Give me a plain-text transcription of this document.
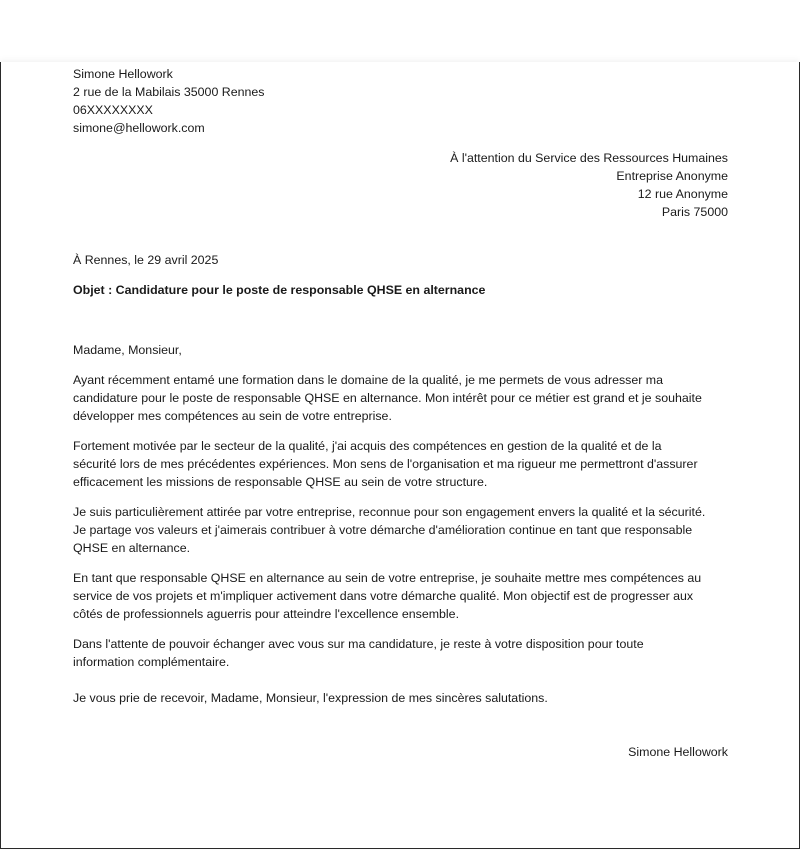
Simone Hellowork
2 rue de la Mabilais 35000 Rennes
06XXXXXXXX
simone@hellowork.com
À l'attention du Service des Ressources Humaines
Entreprise Anonyme
12 rue Anonyme
Paris 75000
À Rennes, le 29 avril 2025
Objet : Candidature pour le poste de responsable QHSE en alternance
Madame, Monsieur,
Ayant récemment entamé une formation dans le domaine de la qualité, je me permets de vous adresser ma
candidature pour le poste de responsable QHSE en alternance. Mon intérêt pour ce métier est grand et je souhaite
développer mes compétences au sein de votre entreprise.
Fortement motivée par le secteur de la qualité, j'ai acquis des compétences en gestion de la qualité et de la
sécurité lors de mes précédentes expériences. Mon sens de l'organisation et ma rigueur me permettront d'assurer
efficacement les missions de responsable QHSE au sein de votre structure.
Je suis particulièrement attirée par votre entreprise, reconnue pour son engagement envers la qualité et la sécurité.
Je partage vos valeurs et j'aimerais contribuer à votre démarche d'amélioration continue en tant que responsable
QHSE en alternance.
En tant que responsable QHSE en alternance au sein de votre entreprise, je souhaite mettre mes compétences au
service de vos projets et m'impliquer activement dans votre démarche qualité. Mon objectif est de progresser aux
côtés de professionnels aguerris pour atteindre l'excellence ensemble.
Dans l'attente de pouvoir échanger avec vous sur ma candidature, je reste à votre disposition pour toute
information complémentaire.
Je vous prie de recevoir, Madame, Monsieur, l'expression de mes sincères salutations.
Simone Hellowork
